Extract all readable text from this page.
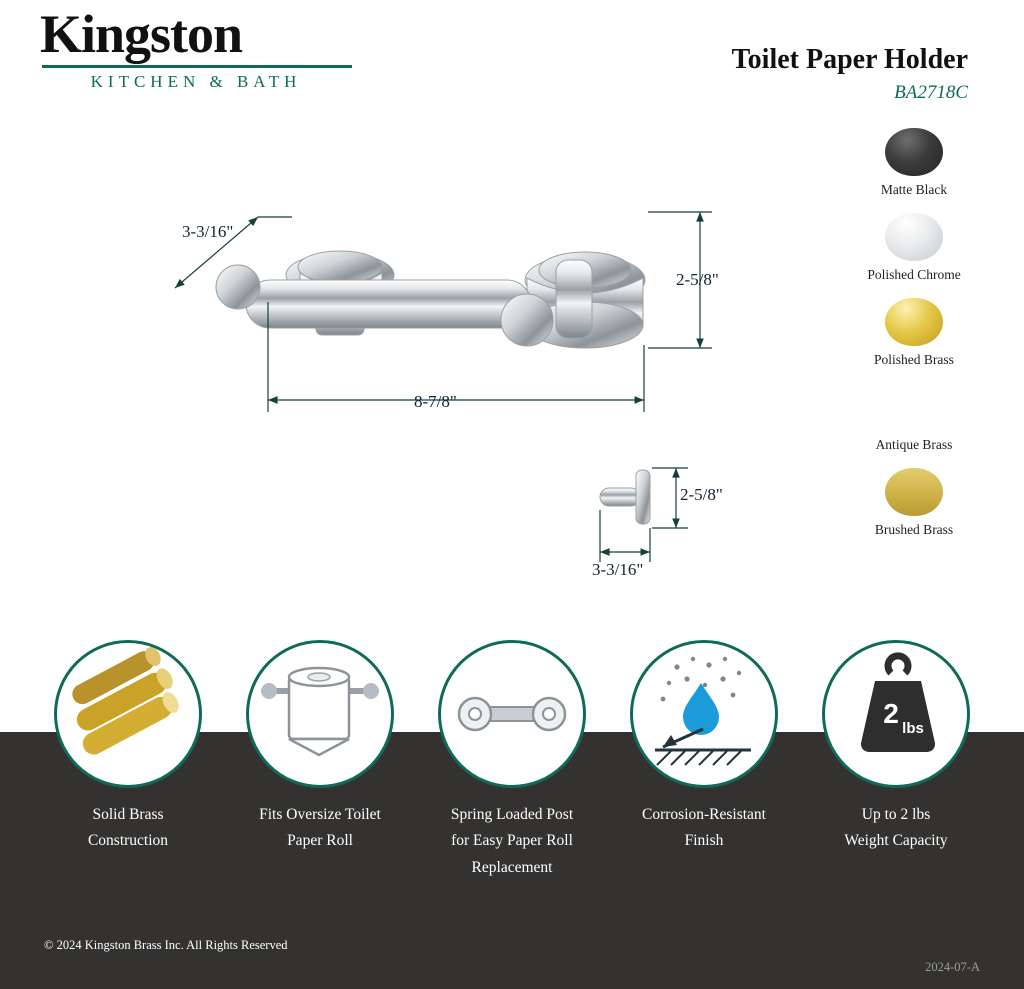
Kingston
KITCHEN & BATH
Toilet Paper Holder
BA2718C
Matte Black
Polished Chrome
Polished Brass
Antique Brass
Brushed Brass
3-3/16"
2-5/8"
8-7/8"
2-5/8"
3-3/16"
Solid Brass
Construction
Fits Oversize Toilet
Paper Roll
Spring Loaded Post
for Easy Paper Roll
Replacement
Corrosion-Resistant
Finish
2 lbs
Up to 2 lbs
Weight Capacity
© 2024 Kingston Brass Inc. All Rights Reserved
2024-07-A
